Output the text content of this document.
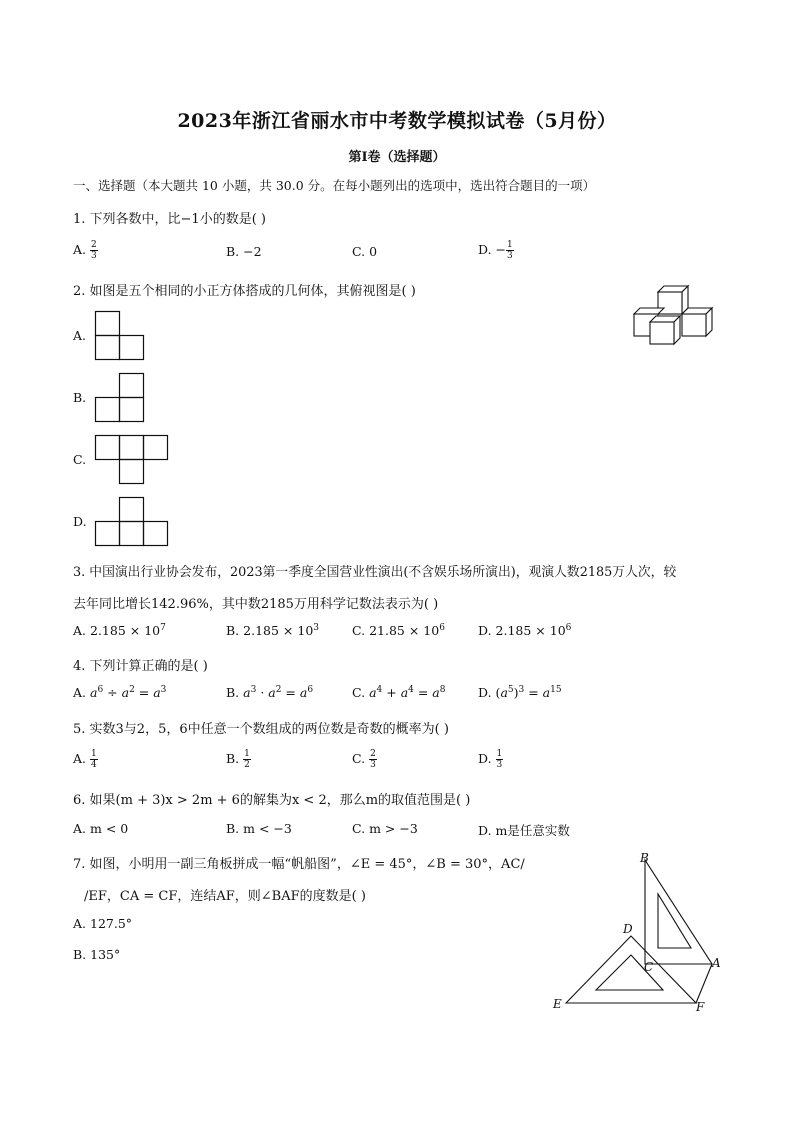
2023年浙江省丽水市中考数学模拟试卷（5月份）
第I卷（选择题）
一、选择题（本大题共 10 小题，共 30.0 分。在每小题列出的选项中，选出符合题目的一项）
1. 下列各数中，比−1小的数是( )
A. $\frac{2}{3}$	B. −2	C. 0	D. − $\frac{1}{3}$
2. 如图是五个相同的小正方体搭成的几何体，其俯视图是( )
A.
B.
C.
D.
3. 中国演出行业协会发布，2023第一季度全国营业性演出(不含娱乐场所演出)，观演人数2185万人次，较
去年同比增长142.96%，其中数2185万用科学记数法表示为( )
A. $2.185 \times 10^7$	B. $2.185 \times 10^3$	C. $21.85 \times 10^6$	D. $2.185 \times 10^6$
4. 下列计算正确的是( )
A. $a^6 \div a^2 = a^3$	B. $a^3 \cdot a^2 = a^6$	C. $a^4 + a^4 = a^8$	D. $(a^5)^3 = a^{15}$
5. 实数3与2，5，6中任意一个数组成的两位数是奇数的概率为( )
A. $\frac{1}{4}$	B. $\frac{1}{2}$	C. $\frac{2}{3}$	D. $\frac{1}{3}$
6. 如果(m + 3)x > 2m + 6的解集为x < 2，那么m的取值范围是( )
A. m < 0	B. m < −3	C. m > −3	D. m是任意实数
7. 如图，小明用一副三角板拼成一幅“帆船图”，∠E = 45°，∠B = 30°，AC/
/EF，CA = CF，连结AF，则∠BAF的度数是( )
A. 127.5°
B. 135°
B
D
C	A
E	F
